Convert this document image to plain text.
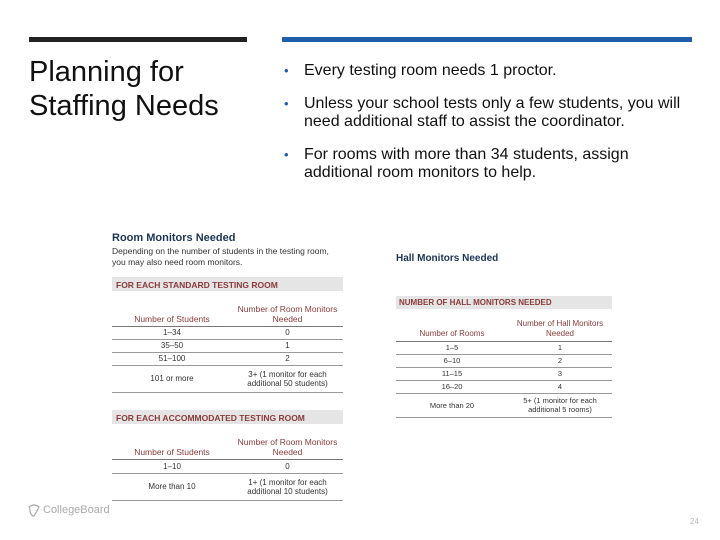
Planning for Staffing Needs
• Every testing room needs 1 proctor.
• Unless your school tests only a few students, you will need additional staff to assist the coordinator.
• For rooms with more than 34 students, assign additional room monitors to help.
Room Monitors Needed
Depending on the number of students in the testing room, you may also need room monitors.
FOR EACH STANDARD TESTING ROOM
Number of Students	Number of Room Monitors Needed
1–34	0
35–50	1
51–100	2
101 or more	3+ (1 monitor for each additional 50 students)
FOR EACH ACCOMMODATED TESTING ROOM
Number of Students	Number of Room Monitors Needed
1–10	0
More than 10	1+ (1 monitor for each additional 10 students)
Hall Monitors Needed
NUMBER OF HALL MONITORS NEEDED
Number of Rooms	Number of Hall Monitors Needed
1–5	1
6–10	2
11–15	3
16–20	4
More than 20	5+ (1 monitor for each additional 5 rooms)
CollegeBoard
24
